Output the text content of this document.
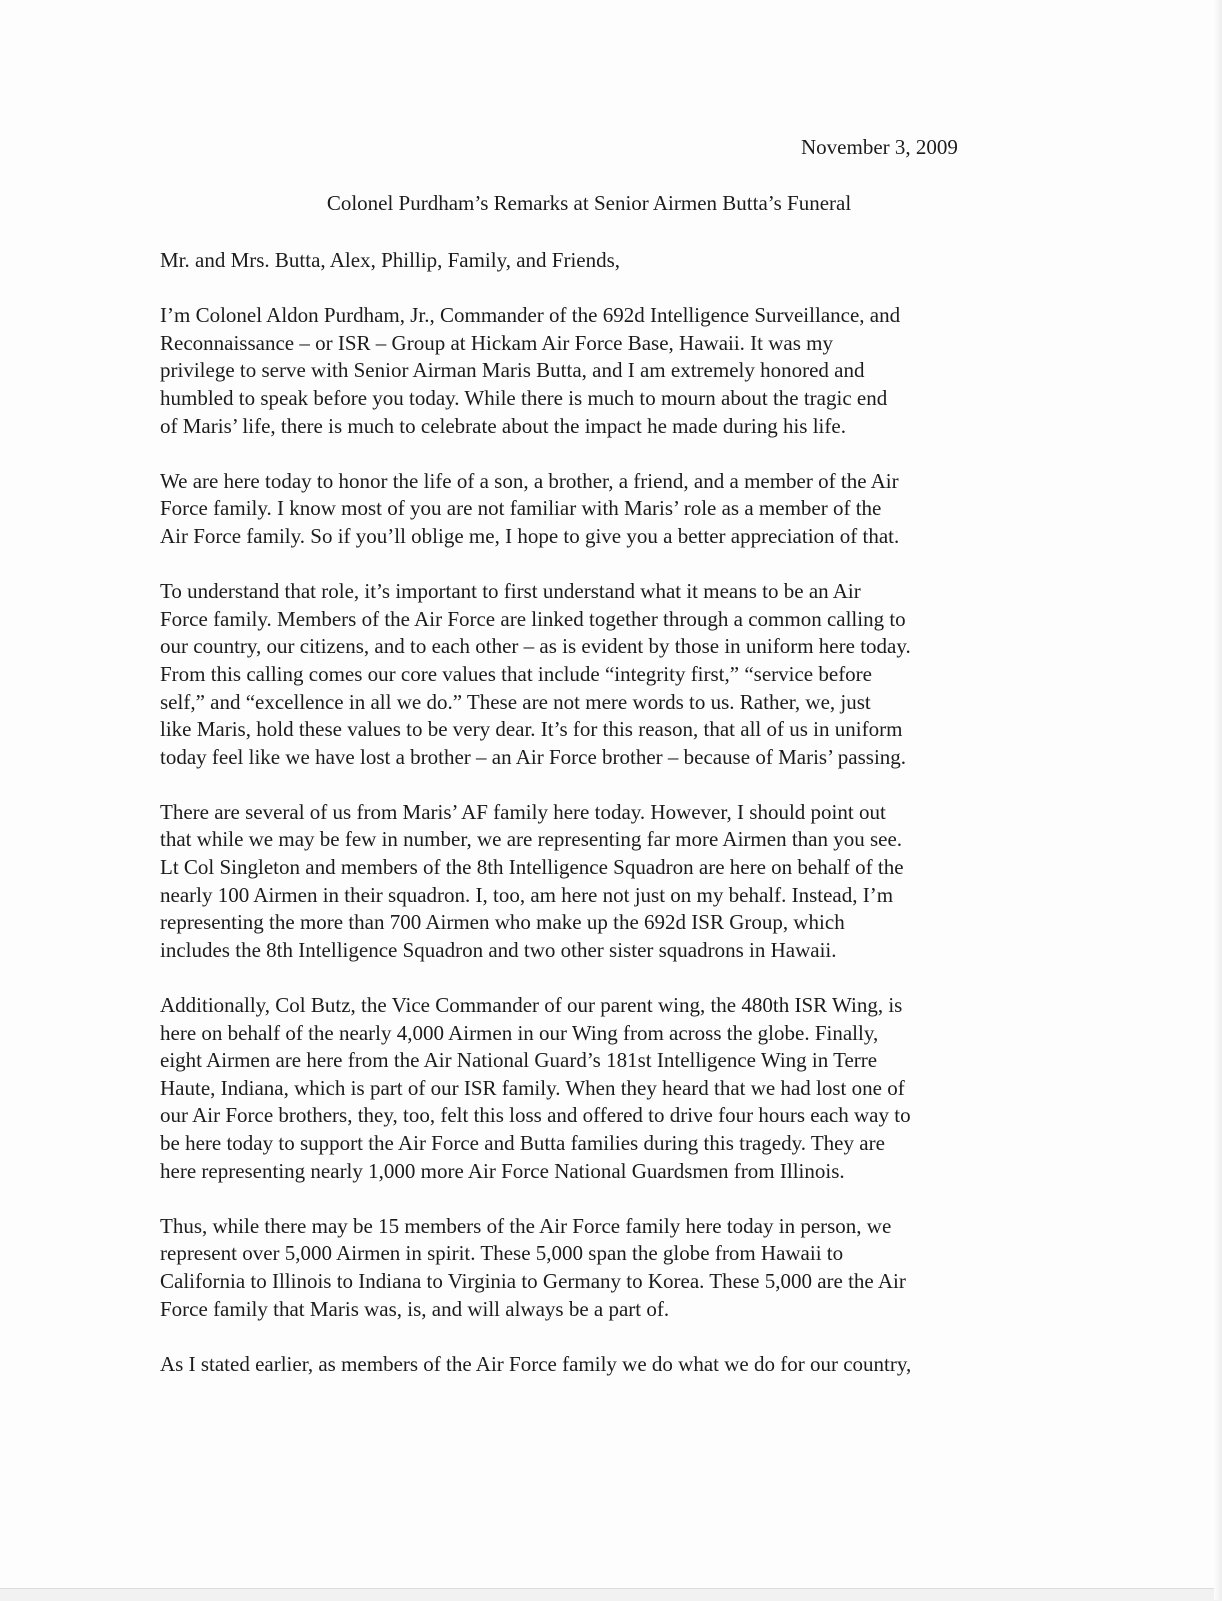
November 3, 2009
Colonel Purdham’s Remarks at Senior Airmen Butta’s Funeral
Mr. and Mrs. Butta, Alex, Phillip, Family, and Friends,
I’m Colonel Aldon Purdham, Jr., Commander of the 692d Intelligence Surveillance, and
Reconnaissance – or ISR – Group at Hickam Air Force Base, Hawaii. It was my
privilege to serve with Senior Airman Maris Butta, and I am extremely honored and
humbled to speak before you today. While there is much to mourn about the tragic end
of Maris’ life, there is much to celebrate about the impact he made during his life.
We are here today to honor the life of a son, a brother, a friend, and a member of the Air
Force family. I know most of you are not familiar with Maris’ role as a member of the
Air Force family. So if you’ll oblige me, I hope to give you a better appreciation of that.
To understand that role, it’s important to first understand what it means to be an Air
Force family. Members of the Air Force are linked together through a common calling to
our country, our citizens, and to each other – as is evident by those in uniform here today.
From this calling comes our core values that include “integrity first,” “service before
self,” and “excellence in all we do.” These are not mere words to us. Rather, we, just
like Maris, hold these values to be very dear. It’s for this reason, that all of us in uniform
today feel like we have lost a brother – an Air Force brother – because of Maris’ passing.
There are several of us from Maris’ AF family here today. However, I should point out
that while we may be few in number, we are representing far more Airmen than you see.
Lt Col Singleton and members of the 8th Intelligence Squadron are here on behalf of the
nearly 100 Airmen in their squadron. I, too, am here not just on my behalf. Instead, I’m
representing the more than 700 Airmen who make up the 692d ISR Group, which
includes the 8th Intelligence Squadron and two other sister squadrons in Hawaii.
Additionally, Col Butz, the Vice Commander of our parent wing, the 480th ISR Wing, is
here on behalf of the nearly 4,000 Airmen in our Wing from across the globe. Finally,
eight Airmen are here from the Air National Guard’s 181st Intelligence Wing in Terre
Haute, Indiana, which is part of our ISR family. When they heard that we had lost one of
our Air Force brothers, they, too, felt this loss and offered to drive four hours each way to
be here today to support the Air Force and Butta families during this tragedy. They are
here representing nearly 1,000 more Air Force National Guardsmen from Illinois.
Thus, while there may be 15 members of the Air Force family here today in person, we
represent over 5,000 Airmen in spirit. These 5,000 span the globe from Hawaii to
California to Illinois to Indiana to Virginia to Germany to Korea. These 5,000 are the Air
Force family that Maris was, is, and will always be a part of.
As I stated earlier, as members of the Air Force family we do what we do for our country,
